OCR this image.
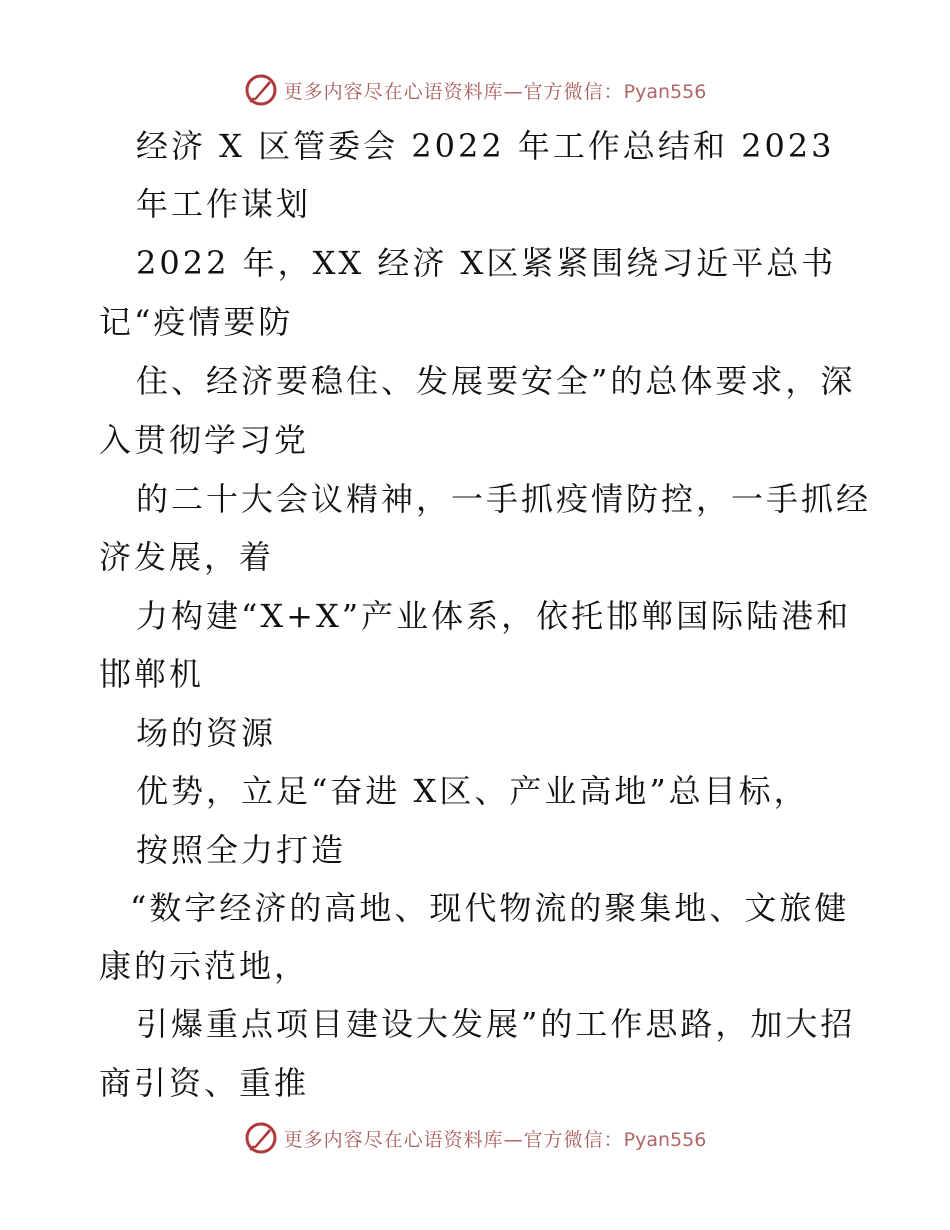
更多内容尽在心语资料库—官方微信：Pyan556
经济 X 区管委会 2022 年工作总结和 2023
年工作谋划
2022 年，XX 经济 X区紧紧围绕习近平总书
记“疫情要防
住、经济要稳住、发展要安全”的总体要求，深
入贯彻学习党
的二十大会议精神，一手抓疫情防控，一手抓经
济发展，着
力构建“X+X”产业体系，依托邯郸国际陆港和
邯郸机
场的资源
优势，立足“奋进 X区、产业高地”总目标，
按照全力打造
“数字经济的高地、现代物流的聚集地、文旅健
康的示范地，
引爆重点项目建设大发展”的工作思路，加大招
商引资、重推
更多内容尽在心语资料库—官方微信：Pyan556
